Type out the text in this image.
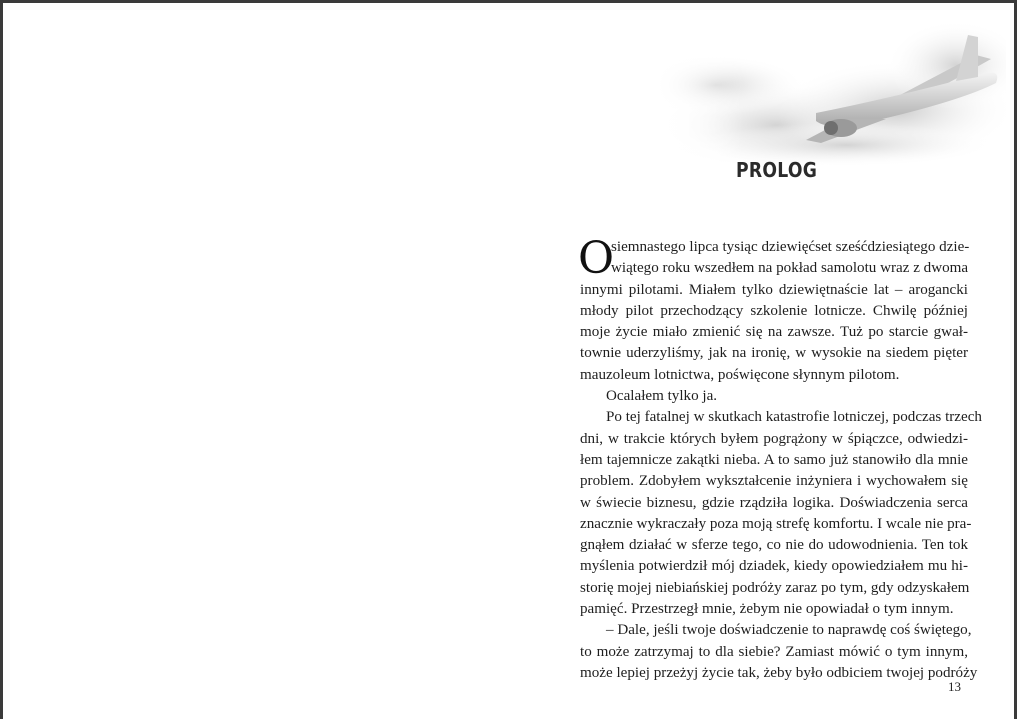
PROLOG
O
siemnastego lipca tysiąc dziewięćset sześćdziesiątego dzie-
wiątego roku wszedłem na pokład samolotu wraz z dwoma
innymi pilotami. Miałem tylko dziewiętnaście lat – arogancki
młody pilot przechodzący szkolenie lotnicze. Chwilę później
moje życie miało zmienić się na zawsze. Tuż po starcie gwał-
townie uderzyliśmy, jak na ironię, w wysokie na siedem pięter
mauzoleum lotnictwa, poświęcone słynnym pilotom.
Ocalałem tylko ja.
Po tej fatalnej w skutkach katastrofie lotniczej, podczas trzech
dni, w trakcie których byłem pogrążony w śpiączce, odwiedzi-
łem tajemnicze zakątki nieba. A to samo już stanowiło dla mnie
problem. Zdobyłem wykształcenie inżyniera i wychowałem się
w świecie biznesu, gdzie rządziła logika. Doświadczenia serca
znacznie wykraczały poza moją strefę komfortu. I wcale nie pra-
gnąłem działać w sferze tego, co nie do udowodnienia. Ten tok
myślenia potwierdził mój dziadek, kiedy opowiedziałem mu hi-
storię mojej niebiańskiej podróży zaraz po tym, gdy odzyskałem
pamięć. Przestrzegł mnie, żebym nie opowiadał o tym innym.
– Dale, jeśli twoje doświadczenie to naprawdę coś świętego,
to może zatrzymaj to dla siebie? Zamiast mówić o tym innym,
może lepiej przeżyj życie tak, żeby było odbiciem twojej podróży
13
